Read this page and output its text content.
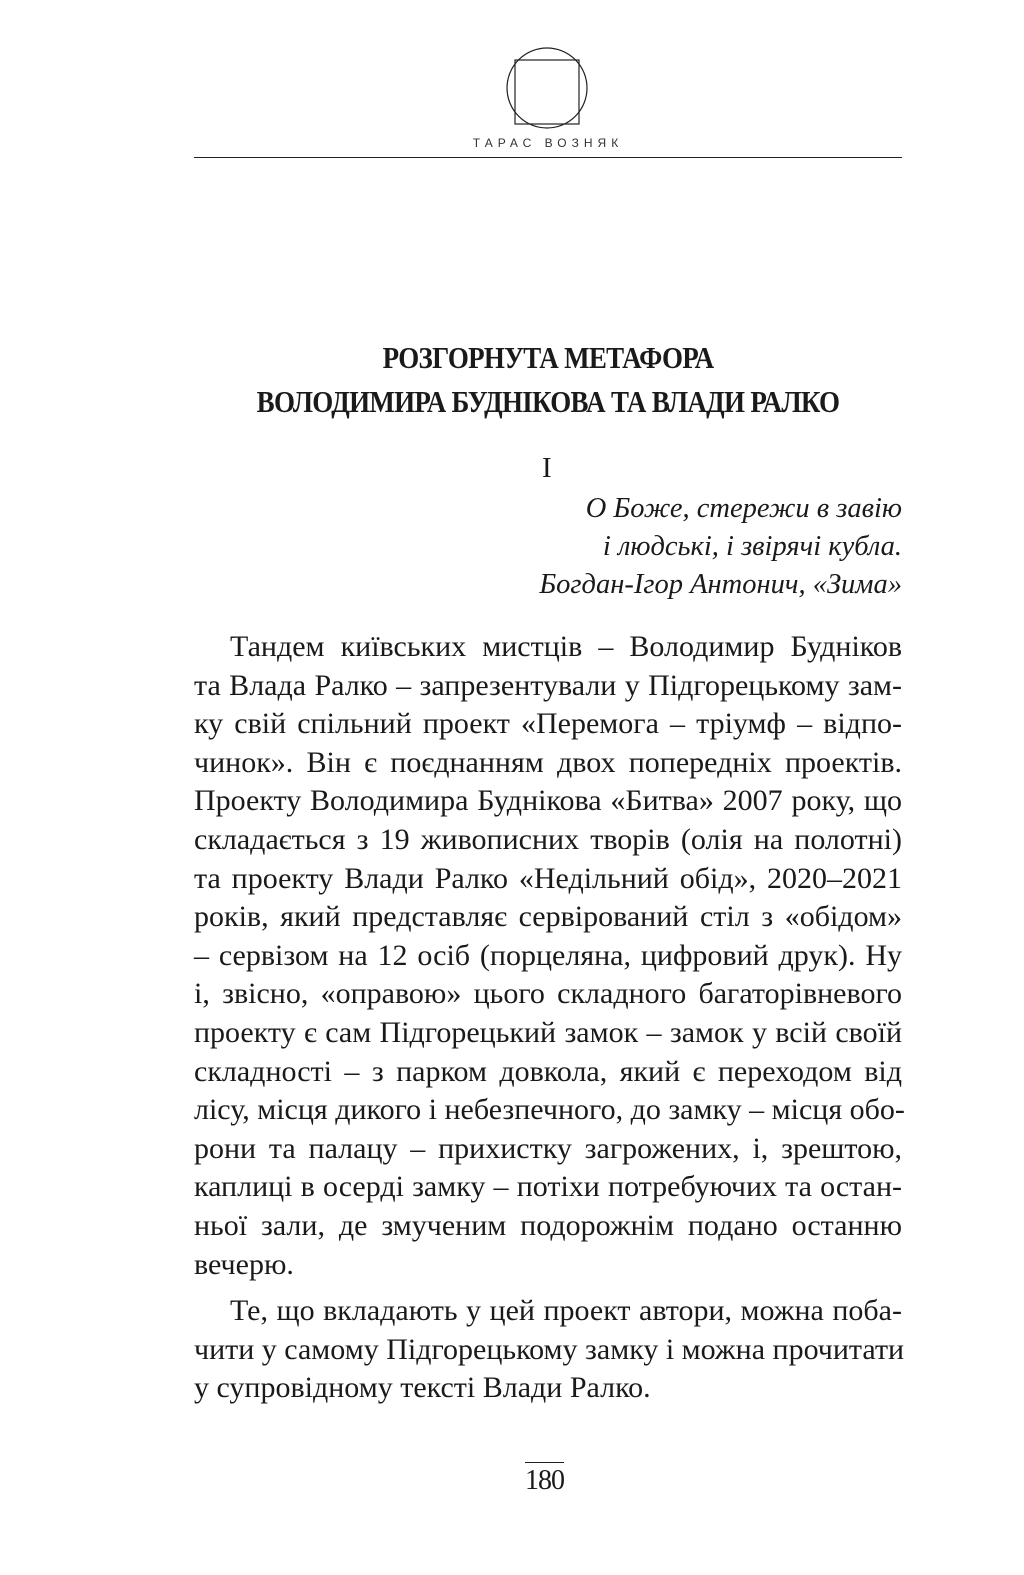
ТАРАС ВОЗНЯК
РОЗГОРНУТА МЕТАФОРА
ВОЛОДИМИРА БУДНІКОВА ТА ВЛАДИ РАЛКО
І
О Боже, стережи в завію
і людські, і звірячі кубла.
Богдан-Ігор Антонич, «Зима»
Тандем київських мистців – Володимир Будніков
та Влада Ралко – запрезентували у Підгорецькому зам-
ку свій спільний проект «Перемога – тріумф – відпо-
чинок». Він є поєднанням двох попередніх проектів.
Проекту Володимира Буднікова «Битва» 2007 року, що
складається з 19 живописних творів (олія на полотні)
та проекту Влади Ралко «Недільний обід», 2020–2021
років, який представляє сервірований стіл з «обідом»
– сервізом на 12 осіб (порцеляна, цифровий друк). Ну
і, звісно, «оправою» цього складного багаторівневого
проекту є сам Підгорецький замок – замок у всій своїй
складності – з парком довкола, який є переходом від
лісу, місця дикого і небезпечного, до замку – місця обо-
рони та палацу – прихистку загрожених, і, зрештою,
каплиці в осерді замку – потіхи потребуючих та остан-
ньої зали, де змученим подорожнім подано останню
вечерю.
Те, що вкладають у цей проект автори, можна поба-
чити у самому Підгорецькому замку і можна прочитати
у супровідному тексті Влади Ралко.
180
